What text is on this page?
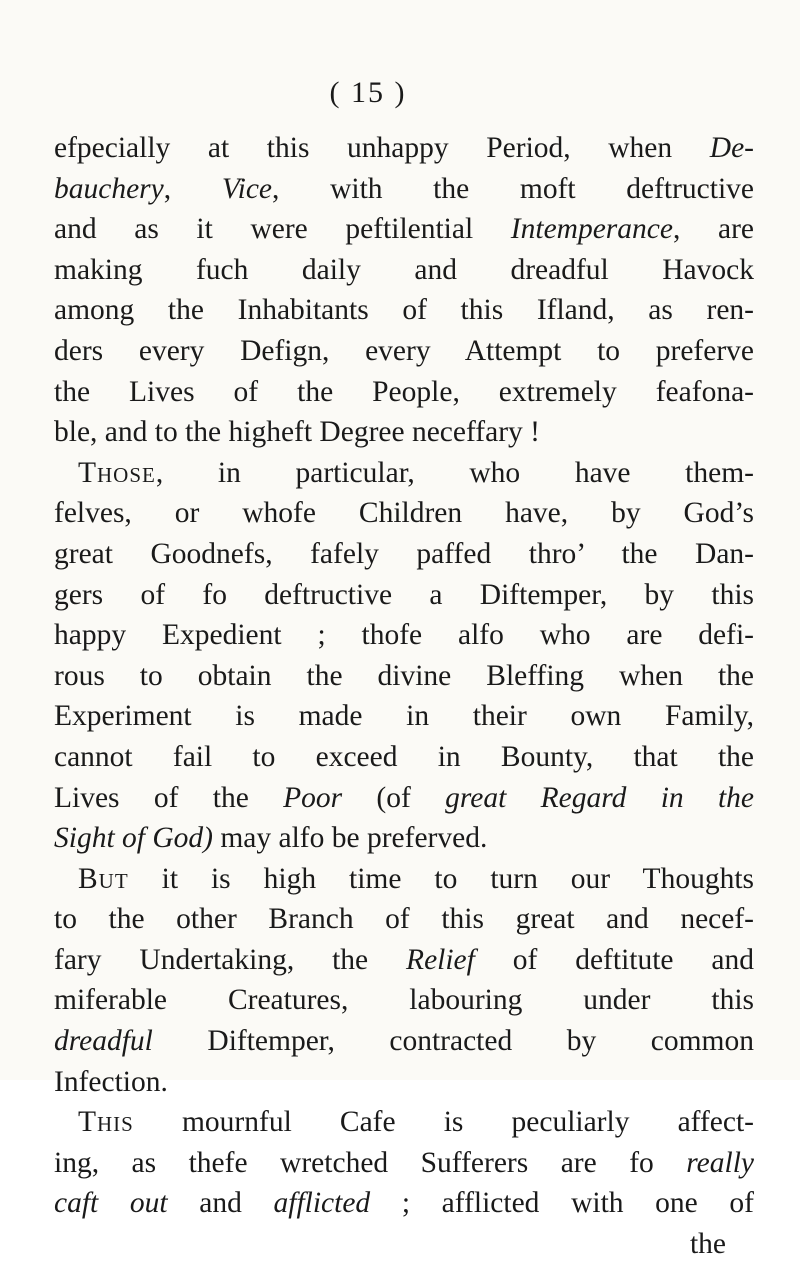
( 15 )
efpecially at this unhappy Period, when De-
bauchery, Vice, with the moft deftructive
and as it were peftilential Intemperance, are
making fuch daily and dreadful Havock
among the Inhabitants of this Ifland, as ren-
ders every Defign, every Attempt to preferve
the Lives of the People, extremely feafona-
ble, and to the higheft Degree neceffary !
Those, in particular, who have them-
felves, or whofe Children have, by God’s
great Goodnefs, fafely paffed thro’ the Dan-
gers of fo deftructive a Diftemper, by this
happy Expedient ; thofe alfo who are defi-
rous to obtain the divine Bleffing when the
Experiment is made in their own Family,
cannot fail to exceed in Bounty, that the
Lives of the Poor (of great Regard in the
Sight of God) may alfo be preferved.
But it is high time to turn our Thoughts
to the other Branch of this great and necef-
fary Undertaking, the Relief of deftitute and
miferable Creatures, labouring under this
dreadful Diftemper, contracted by common
Infection.
This mournful Cafe is peculiarly affect-
ing, as thefe wretched Sufferers are fo really
caft out and afflicted ; afflicted with one of
the
